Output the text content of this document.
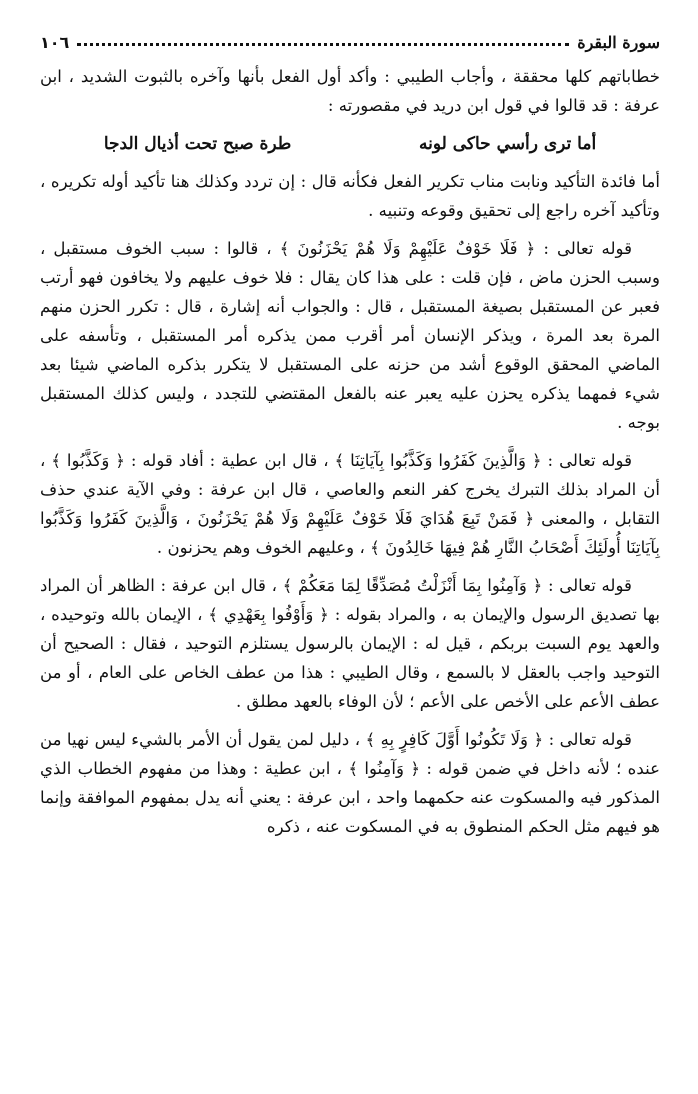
سورة البقرة
١٠٦

خطاباتهم كلها محققة ، وأجاب الطيبي : وأكد أول الفعل بأنها وآخره بالثبوت الشديد ، ابن عرفة : قد قالوا في قول ابن دريد في مقصورته :

أما ترى رأسي حاكى لونه
طرة صبح تحت أذيال الدجا

أما فائدة التأكيد ونابت مناب تكرير الفعل فكأنه قال : إن تردد وكذلك هنا تأكيد أوله تكريره ، وتأكيد آخره راجع إلى تحقيق وقوعه وتنبيه .

قوله تعالى : ﴿ فَلَا خَوْفٌ عَلَيْهِمْ وَلَا هُمْ يَحْزَنُونَ ﴾ ، قالوا : سبب الخوف مستقبل ، وسبب الحزن ماض ، فإن قلت : على هذا كان يقال : فلا خوف عليهم ولا يخافون فهو أرتب فعبر عن المستقبل بصيغة المستقبل ، قال : والجواب أنه إشارة ، قال : تكرر الحزن منهم المرة بعد المرة ، ويذكر الإنسان أمر أقرب ممن يذكره أمر المستقبل ، وتأسفه على الماضي المحقق الوقوع أشد من حزنه على المستقبل لا يتكرر بذكره الماضي شيئا بعد شيء فمهما يذكره يحزن عليه يعبر عنه بالفعل المقتضي للتجدد ، وليس كذلك المستقبل بوجه .

قوله تعالى : ﴿ وَالَّذِينَ كَفَرُوا وَكَذَّبُوا بِآيَاتِنَا ﴾ ، قال ابن عطية : أفاد قوله : ﴿ وَكَذَّبُوا ﴾ ، أن المراد بذلك التبرك يخرج كفر النعم والعاصي ، قال ابن عرفة : وفي الآية عندي حذف التقابل ، والمعنى ﴿ فَمَنْ تَبِعَ هُدَايَ فَلَا خَوْفٌ عَلَيْهِمْ وَلَا هُمْ يَحْزَنُونَ ، وَالَّذِينَ كَفَرُوا وَكَذَّبُوا بِآيَاتِنَا أُولَئِكَ أَصْحَابُ النَّارِ هُمْ فِيهَا خَالِدُونَ ﴾ ، وعليهم الخوف وهم يحزنون .

قوله تعالى : ﴿ وَآمِنُوا بِمَا أَنْزَلْتُ مُصَدِّقًا لِمَا مَعَكُمْ ﴾ ، قال ابن عرفة : الظاهر أن المراد بها تصديق الرسول والإيمان به ، والمراد بقوله : ﴿ وَأَوْفُوا بِعَهْدِي ﴾ ، الإيمان بالله وتوحيده ، والعهد يوم السبت بربكم ، قيل له : الإيمان بالرسول يستلزم التوحيد ، فقال : الصحيح أن التوحيد واجب بالعقل لا بالسمع ، وقال الطيبي : هذا من عطف الخاص على العام ، أو من عطف الأعم على الأخص على الأعم ؛ لأن الوفاء بالعهد مطلق .

قوله تعالى : ﴿ وَلَا تَكُونُوا أَوَّلَ كَافِرٍ بِهِ ﴾ ، دليل لمن يقول أن الأمر بالشيء ليس نهيا من عنده ؛ لأنه داخل في ضمن قوله : ﴿ وَآمِنُوا ﴾ ، ابن عطية : وهذا من مفهوم الخطاب الذي المذكور فيه والمسكوت عنه حكمهما واحد ، ابن عرفة : يعني أنه يدل بمفهوم الموافقة وإنما هو فيهم مثل الحكم المنطوق به في المسكوت عنه ، ذكره
